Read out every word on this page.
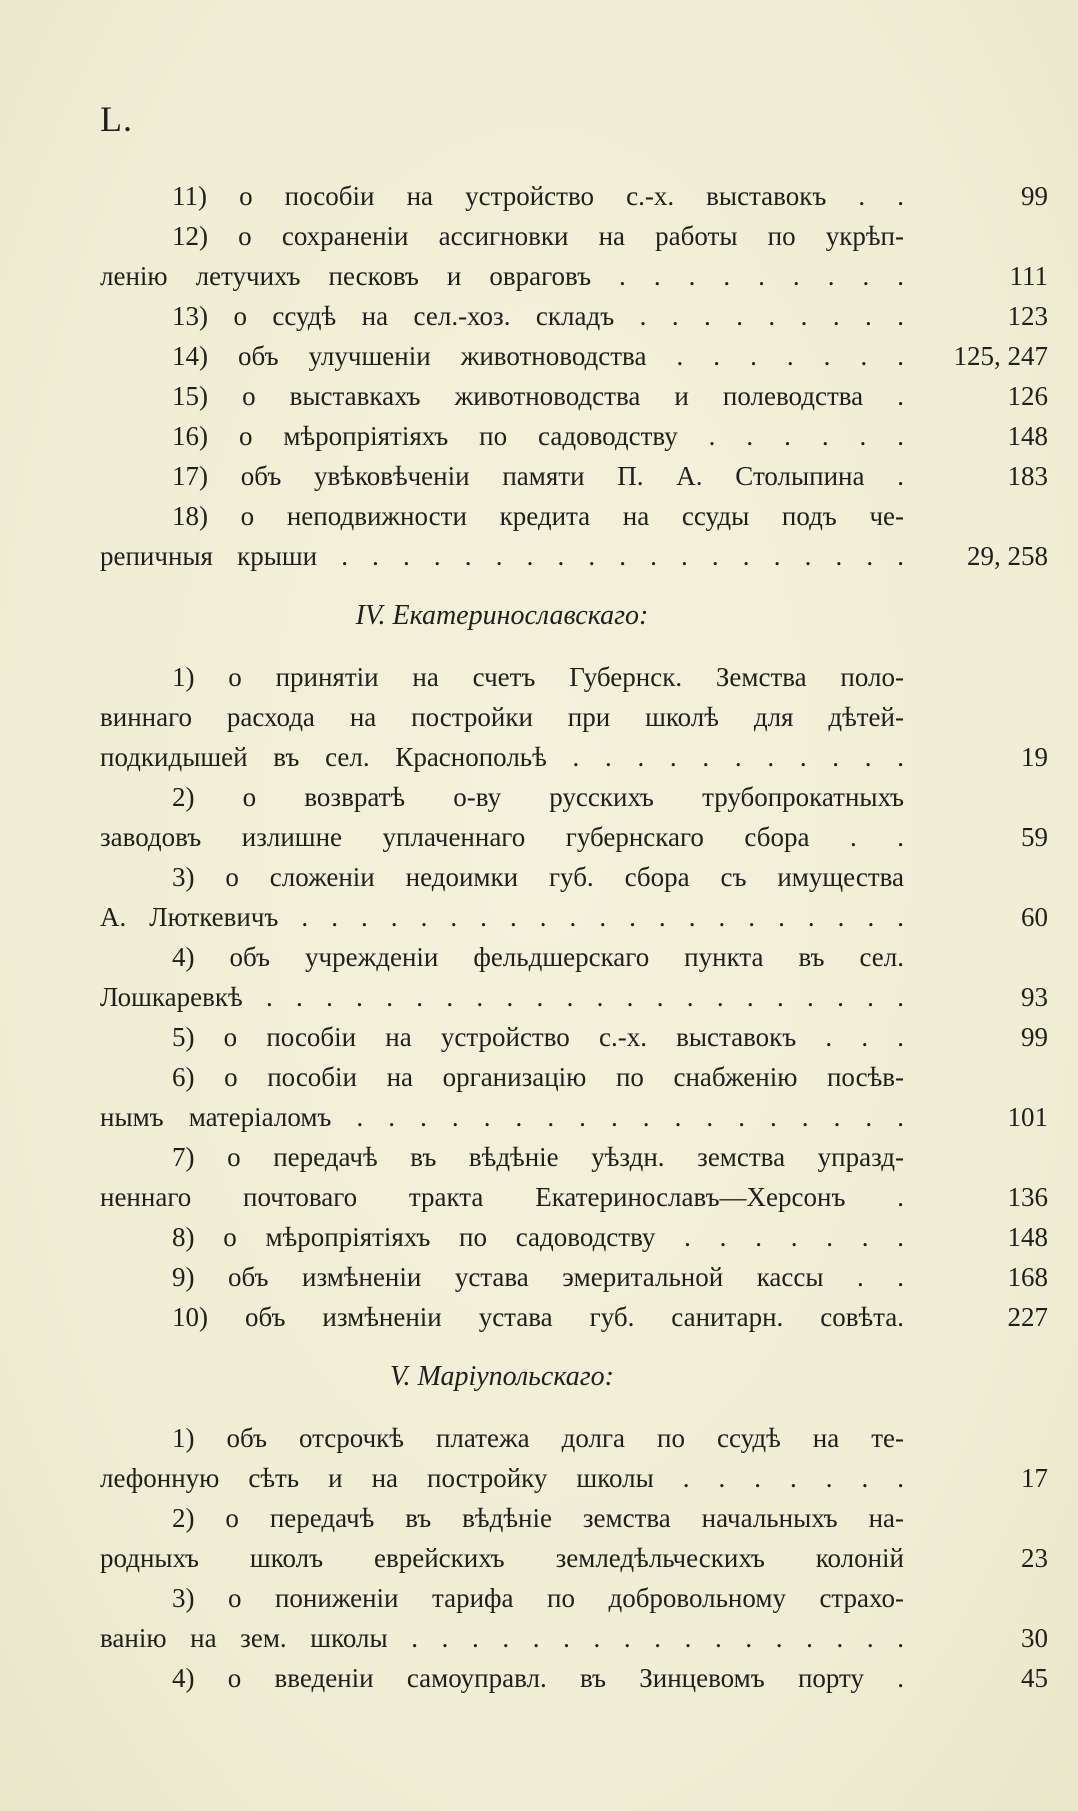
L.
11) о пособіи на устройство с.-х. выставокъ . .	99
12) о сохраненіи ассигновки на работы по укрѣп-
ленію летучихъ песковъ и овраговъ . . . . . . . . .	111
13) о ссудѣ на сел.-хоз. складъ . . . . . . . . .	123
14) объ улучшеніи животноводства . . . . . . . 125, 247
15) о выставкахъ животноводства и полеводства .	126
16) о мѣропріятіяхъ по садоводству . . . . . .	148
17) объ увѣковѣченіи памяти П. А. Столыпина .	183
18) о неподвижности кредита на ссуды подъ че-
репичныя крыши . . . . . . . . . . . . . . . . . . . 29, 258
IV. Екатеринославскаго:
1) о принятіи на счетъ Губернск. Земства поло-
виннаго расхода на постройки при школѣ для дѣтей-
подкидышей въ сел. Краснопольѣ . . . . . . . . . . .	19
2) о возвратѣ о-ву русскихъ трубопрокатныхъ
заводовъ излишне уплаченнаго губернскаго сбора . .	59
3) о сложеніи недоимки губ. сбора съ имущества
А. Люткевичъ . . . . . . . . . . . . . . . . . . . . .	60
4) объ учрежденіи фельдшерскаго пункта въ сел.
Лошкаревкѣ . . . . . . . . . . . . . . . . . . . . . .	93
5) о пособіи на устройство с.-х. выставокъ . . .	99
6) о пособіи на организацію по снабженію посѣв-
нымъ матеріаломъ . . . . . . . . . . . . . . . . . .	101
7) о передачѣ въ вѣдѣніе уѣздн. земства упразд-
неннаго почтоваго тракта Екатеринославъ—Херсонъ .	136
8) о мѣропріятіяхъ по садоводству . . . . . . .	148
9) объ измѣненіи устава эмеритальной кассы . .	168
10) объ измѣненіи устава губ. санитарн. совѣта.	227
V. Маріупольскаго:
1) объ отсрочкѣ платежа долга по ссудѣ на те-
лефонную сѣть и на постройку школы . . . . . . .	17
2) о передачѣ въ вѣдѣніе земства начальныхъ на-
родныхъ школъ еврейскихъ земледѣльческихъ колоній	23
3) о пониженіи тарифа по добровольному страхо-
ванію на зем. школы . . . . . . . . . . . . . . . . .	30
4) о введеніи самоуправл. въ Зинцевомъ порту .	45
